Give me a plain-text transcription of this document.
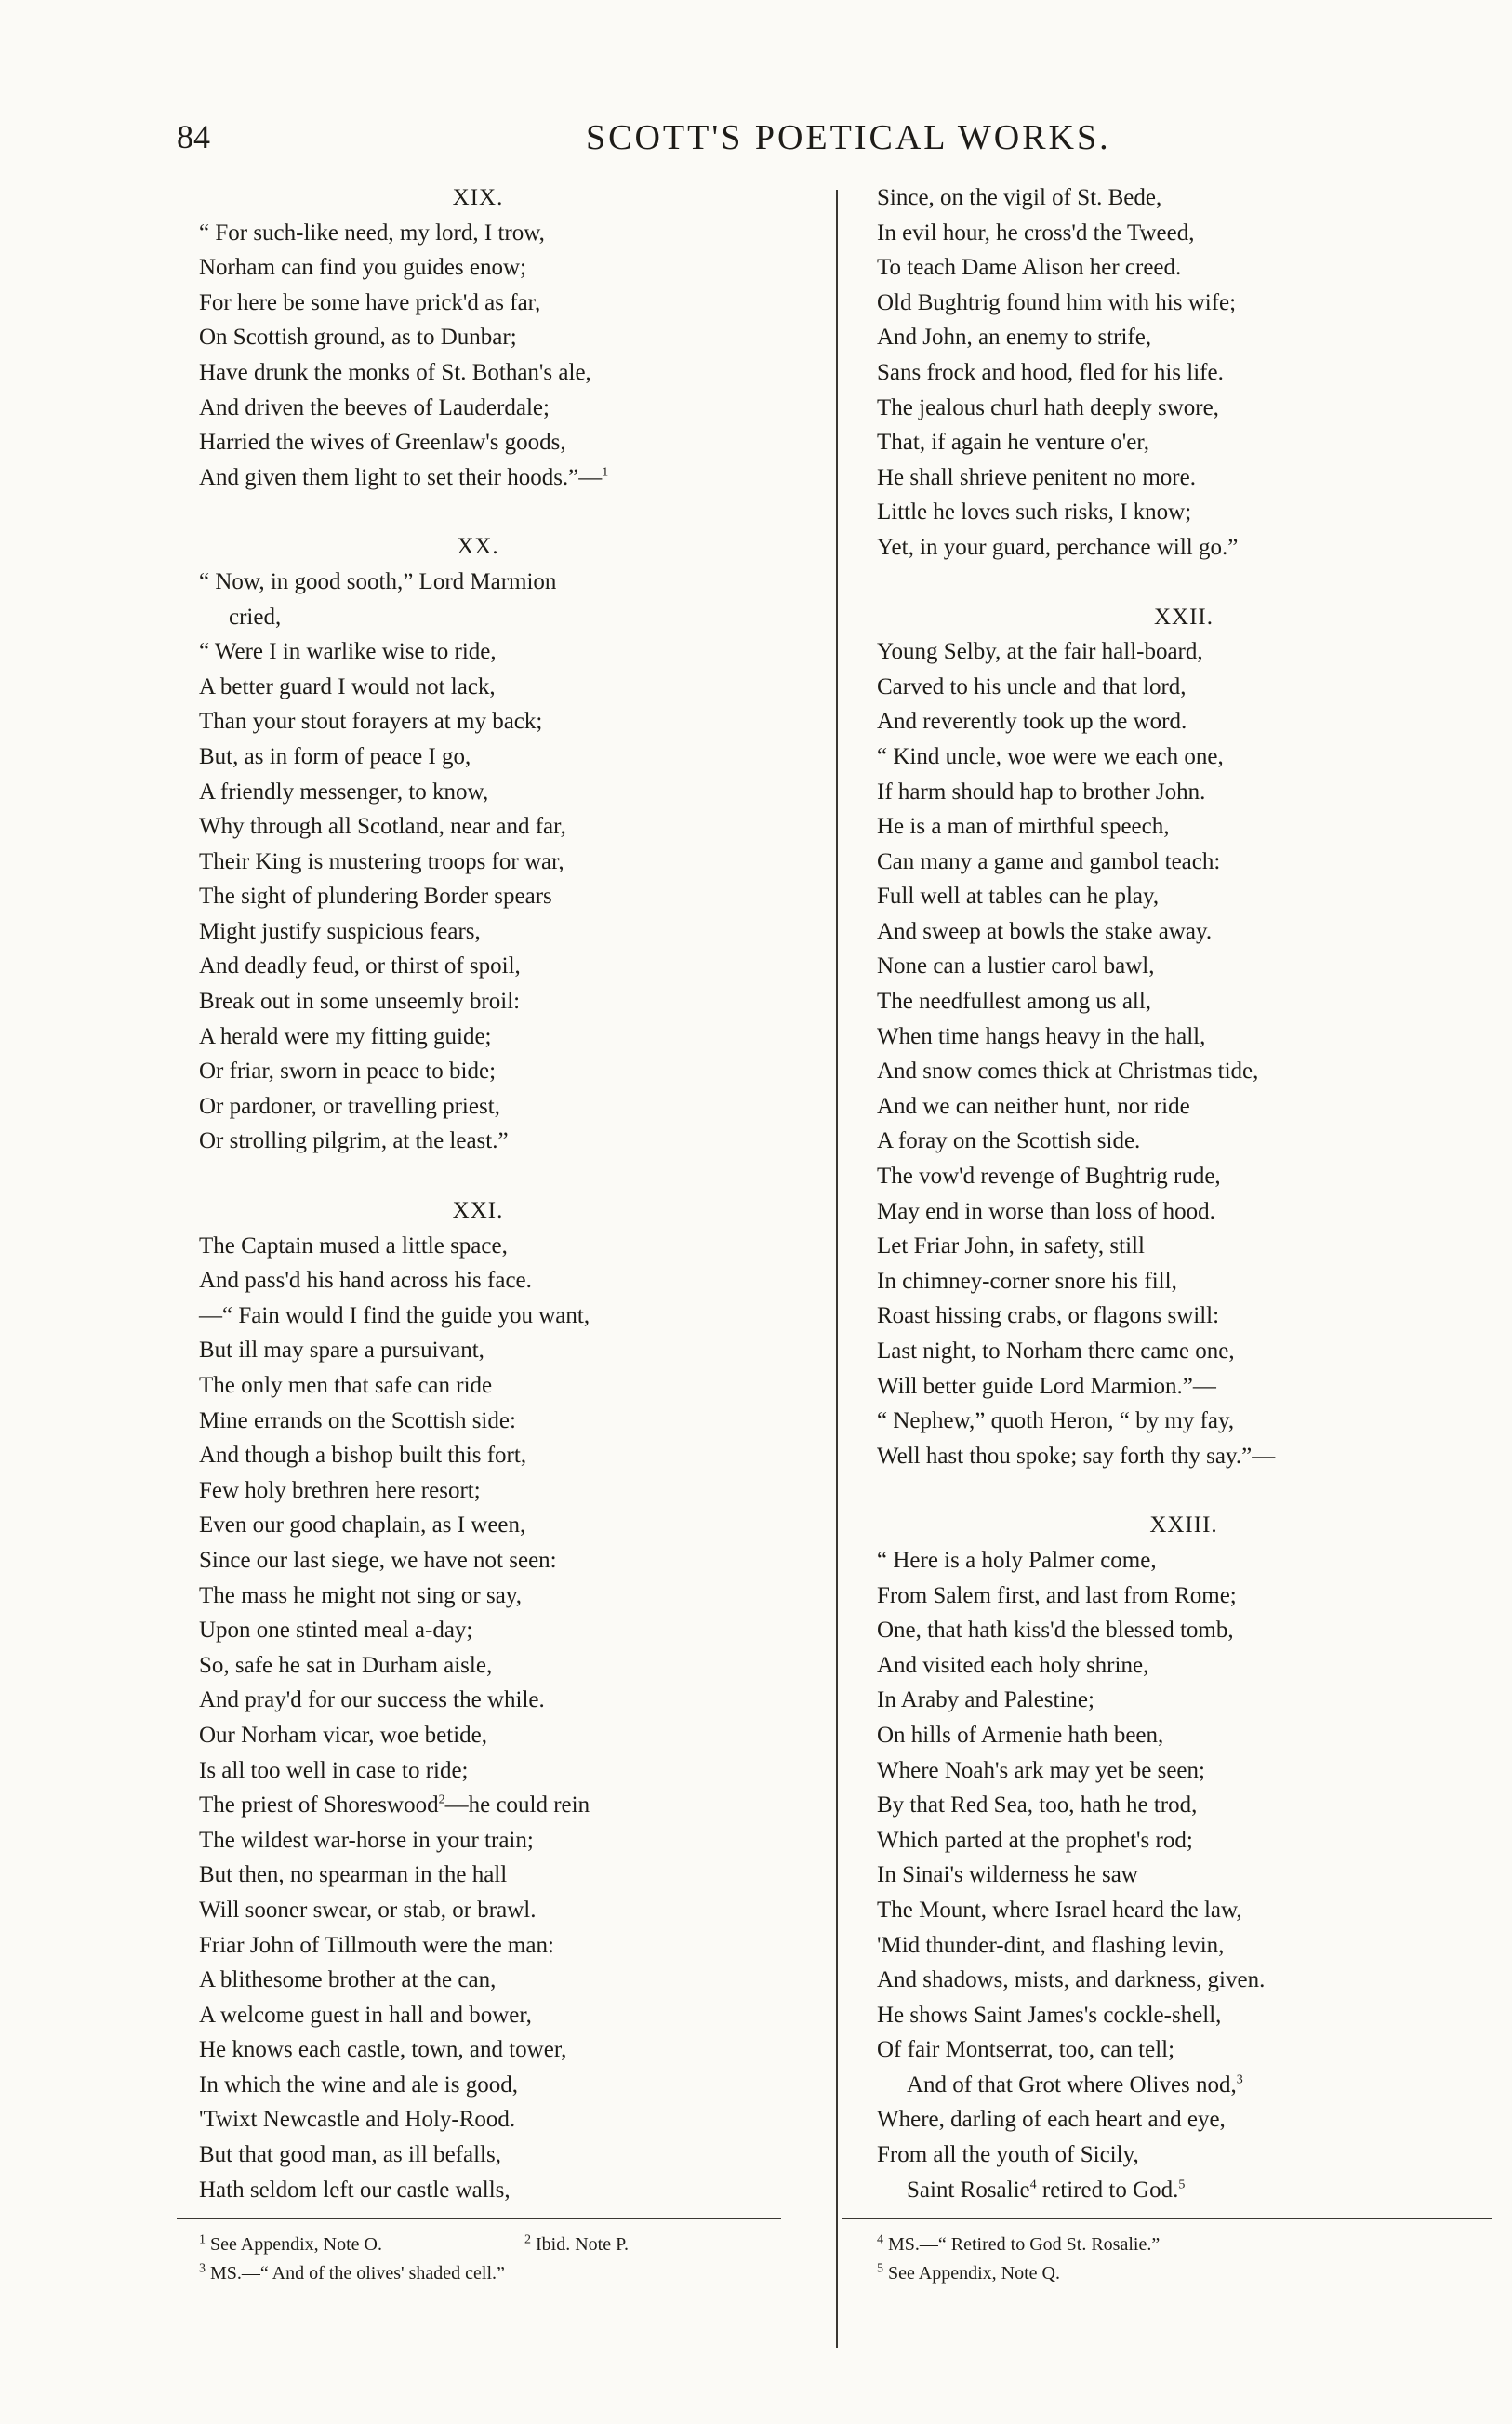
84	SCOTT'S POETICAL WORKS.
XIX.
“ For such-like need, my lord, I trow,
Norham can find you guides enow;
For here be some have prick'd as far,
On Scottish ground, as to Dunbar;
Have drunk the monks of St. Bothan's ale,
And driven the beeves of Lauderdale;
Harried the wives of Greenlaw's goods,
And given them light to set their hoods.”—$^1$
XX.
“ Now, in good sooth,” Lord Marmion
cried,
“ Were I in warlike wise to ride,
A better guard I would not lack,
Than your stout forayers at my back;
But, as in form of peace I go,
A friendly messenger, to know,
Why through all Scotland, near and far,
Their King is mustering troops for war,
The sight of plundering Border spears
Might justify suspicious fears,
And deadly feud, or thirst of spoil,
Break out in some unseemly broil:
A herald were my fitting guide;
Or friar, sworn in peace to bide;
Or pardoner, or travelling priest,
Or strolling pilgrim, at the least.”
XXI.
The Captain mused a little space,
And pass'd his hand across his face.
—“ Fain would I find the guide you want,
But ill may spare a pursuivant,
The only men that safe can ride
Mine errands on the Scottish side:
And though a bishop built this fort,
Few holy brethren here resort;
Even our good chaplain, as I ween,
Since our last siege, we have not seen:
The mass he might not sing or say,
Upon one stinted meal a-day;
So, safe he sat in Durham aisle,
And pray'd for our success the while.
Our Norham vicar, woe betide,
Is all too well in case to ride;
The priest of Shoreswood$^2$—he could rein
The wildest war-horse in your train;
But then, no spearman in the hall
Will sooner swear, or stab, or brawl.
Friar John of Tillmouth were the man:
A blithesome brother at the can,
A welcome guest in hall and bower,
He knows each castle, town, and tower,
In which the wine and ale is good,
'Twixt Newcastle and Holy-Rood.
But that good man, as ill befalls,
Hath seldom left our castle walls,
Since, on the vigil of St. Bede,
In evil hour, he cross'd the Tweed,
To teach Dame Alison her creed.
Old Bughtrig found him with his wife;
And John, an enemy to strife,
Sans frock and hood, fled for his life.
The jealous churl hath deeply swore,
That, if again he venture o'er,
He shall shrieve penitent no more.
Little he loves such risks, I know;
Yet, in your guard, perchance will go.”
XXII.
Young Selby, at the fair hall-board,
Carved to his uncle and that lord,
And reverently took up the word.
“ Kind uncle, woe were we each one,
If harm should hap to brother John.
He is a man of mirthful speech,
Can many a game and gambol teach:
Full well at tables can he play,
And sweep at bowls the stake away.
None can a lustier carol bawl,
The needfullest among us all,
When time hangs heavy in the hall,
And snow comes thick at Christmas tide,
And we can neither hunt, nor ride
A foray on the Scottish side.
The vow'd revenge of Bughtrig rude,
May end in worse than loss of hood.
Let Friar John, in safety, still
In chimney-corner snore his fill,
Roast hissing crabs, or flagons swill:
Last night, to Norham there came one,
Will better guide Lord Marmion.”—
“ Nephew,” quoth Heron, “ by my fay,
Well hast thou spoke; say forth thy say.”—
XXIII.
“ Here is a holy Palmer come,
From Salem first, and last from Rome;
One, that hath kiss'd the blessed tomb,
And visited each holy shrine,
In Araby and Palestine;
On hills of Armenie hath been,
Where Noah's ark may yet be seen;
By that Red Sea, too, hath he trod,
Which parted at the prophet's rod;
In Sinai's wilderness he saw
The Mount, where Israel heard the law,
'Mid thunder-dint, and flashing levin,
And shadows, mists, and darkness, given.
He shows Saint James's cockle-shell,
Of fair Montserrat, too, can tell;
And of that Grot where Olives nod,$^3$
Where, darling of each heart and eye,
From all the youth of Sicily,
Saint Rosalie$^4$ retired to God.$^5$
$^1$ See Appendix, Note O.	$^2$ Ibid. Note P.
$^3$ MS.—“ And of the olives' shaded cell.”
$^4$ MS.—“ Retired to God St. Rosalie.”
$^5$ See Appendix, Note Q.
